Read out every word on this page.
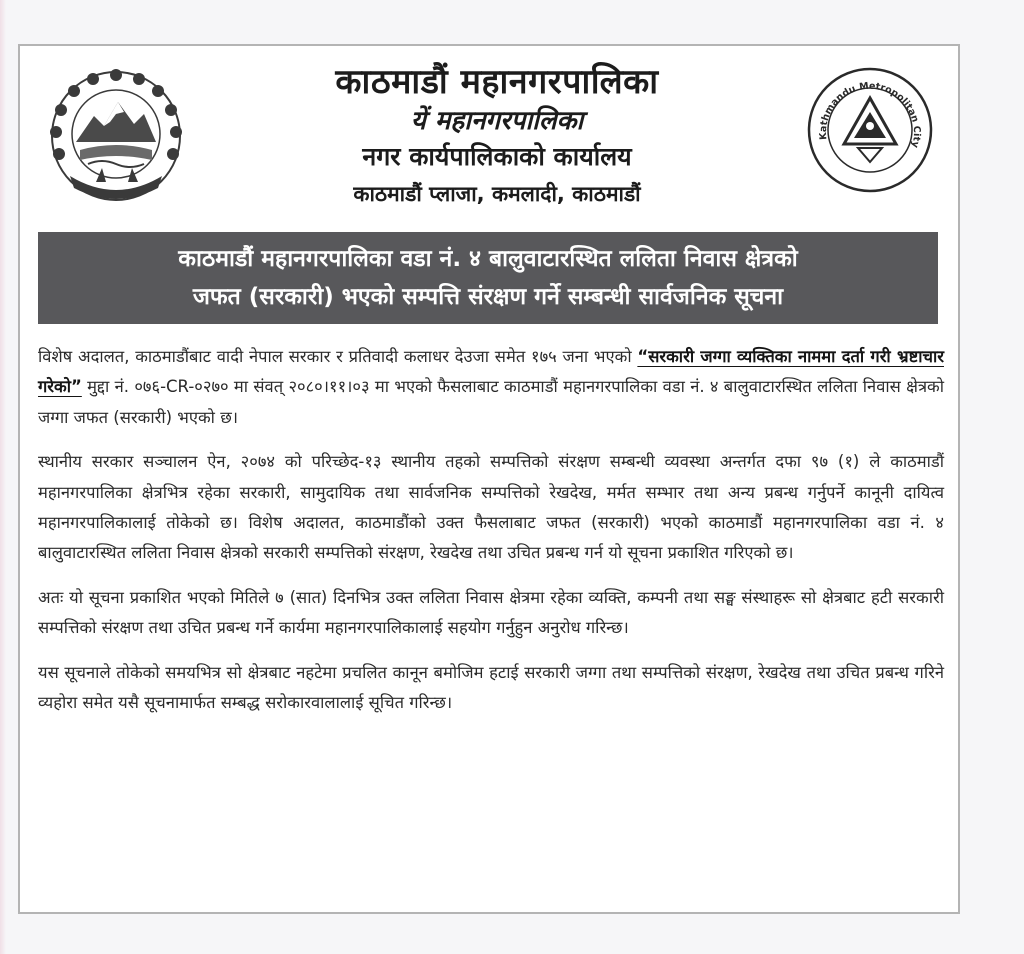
काठमाडौं महानगरपालिका
यें महानगरपालिका
नगर कार्यपालिकाको कार्यालय
काठमाडौं प्लाजा, कमलादी, काठमाडौं
Kathmandu Metropolitan City
काठमाडौं महानगरपालिका वडा नं. ४ बालुवाटारस्थित ललिता निवास क्षेत्रको
जफत (सरकारी) भएको सम्पत्ति संरक्षण गर्ने सम्बन्धी सार्वजनिक सूचना

विशेष अदालत, काठमाडौंबाट वादी नेपाल सरकार र प्रतिवादी कलाधर देउजा समेत १७५ जना भएको “सरकारी जग्गा व्यक्तिका नाममा दर्ता गरी भ्रष्टाचार गरेको” मुद्दा नं. ०७६-CR-०२७० मा संवत् २०८०।११।०३ मा भएको फैसलाबाट काठमाडौं महानगरपालिका वडा नं. ४ बालुवाटारस्थित ललिता निवास क्षेत्रको जग्गा जफत (सरकारी) भएको छ।

स्थानीय सरकार सञ्चालन ऐन, २०७४ को परिच्छेद-१३ स्थानीय तहको सम्पत्तिको संरक्षण सम्बन्धी व्यवस्था अन्तर्गत दफा ९७ (१) ले काठमाडौं महानगरपालिका क्षेत्रभित्र रहेका सरकारी, सामुदायिक तथा सार्वजनिक सम्पत्तिको रेखदेख, मर्मत सम्भार तथा अन्य प्रबन्ध गर्नुपर्ने कानूनी दायित्व महानगरपालिकालाई तोकेको छ। विशेष अदालत, काठमाडौंको उक्त फैसलाबाट जफत (सरकारी) भएको काठमाडौं महानगरपालिका वडा नं. ४ बालुवाटारस्थित ललिता निवास क्षेत्रको सरकारी सम्पत्तिको संरक्षण, रेखदेख तथा उचित प्रबन्ध गर्न यो सूचना प्रकाशित गरिएको छ।

अतः यो सूचना प्रकाशित भएको मितिले ७ (सात) दिनभित्र उक्त ललिता निवास क्षेत्रमा रहेका व्यक्ति, कम्पनी तथा सङ्घ संस्थाहरू सो क्षेत्रबाट हटी सरकारी सम्पत्तिको संरक्षण तथा उचित प्रबन्ध गर्ने कार्यमा महानगरपालिकालाई सहयोग गर्नुहुन अनुरोध गरिन्छ।

यस सूचनाले तोकेको समयभित्र सो क्षेत्रबाट नहटेमा प्रचलित कानून बमोजिम हटाई सरकारी जग्गा तथा सम्पत्तिको संरक्षण, रेखदेख तथा उचित प्रबन्ध गरिने व्यहोरा समेत यसै सूचनामार्फत सम्बद्ध सरोकारवालालाई सूचित गरिन्छ।
